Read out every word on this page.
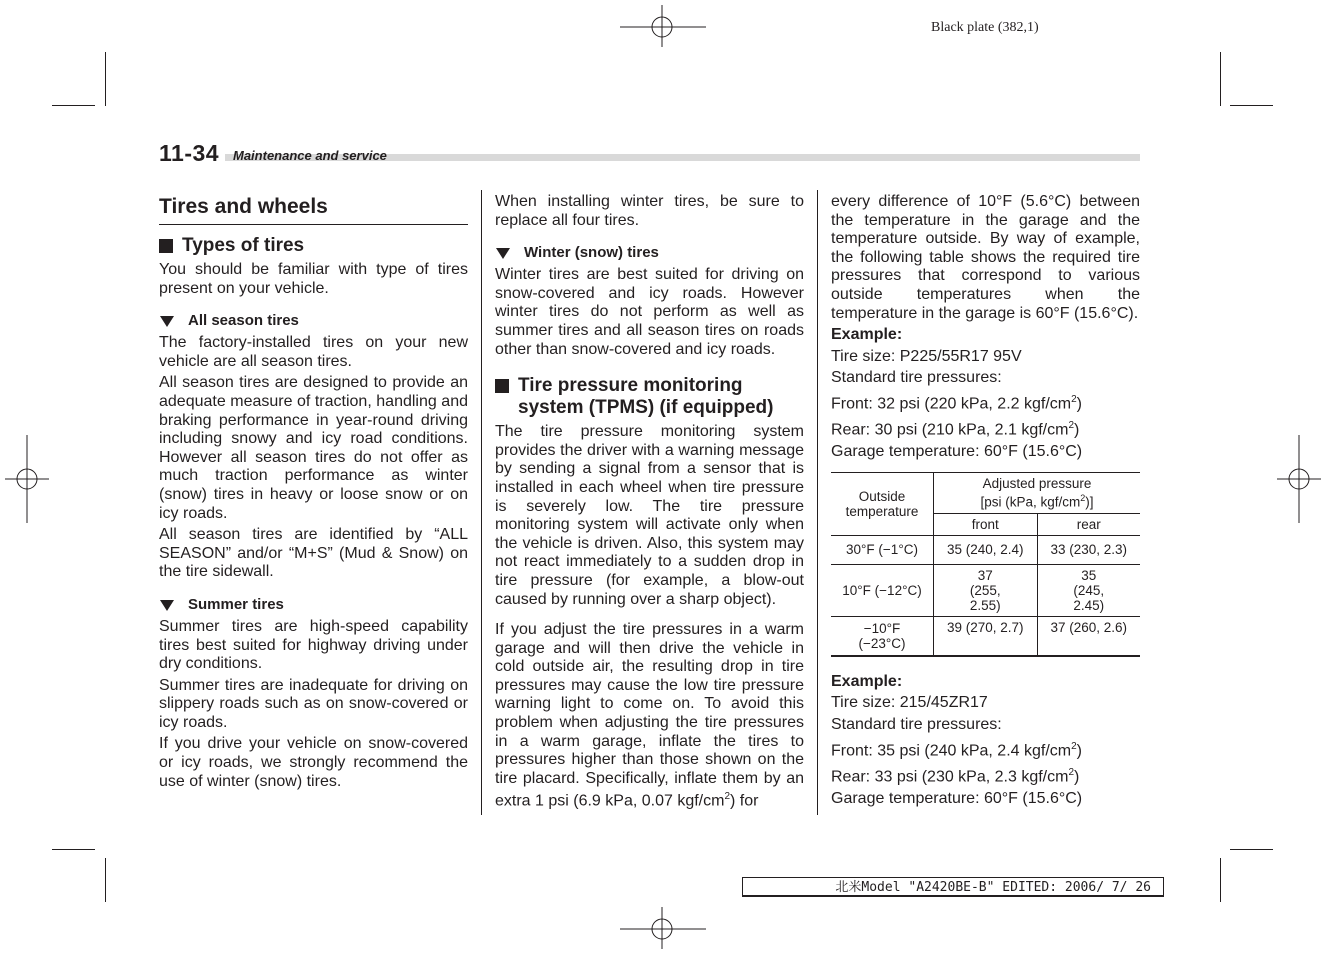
Black plate (382,1)
11-34 Maintenance and service
Tires and wheels
Types of tires

You should be familiar with type of tires present on your vehicle.

All season tires

The factory-installed tires on your new vehicle are all season tires.

All season tires are designed to provide an adequate measure of traction, handling and braking performance in year-round driving including snowy and icy road conditions. However all season tires do not offer as much traction performance as winter (snow) tires in heavy or loose snow or on icy roads.

All season tires are identified by “ALL SEASON” and/or “M+S” (Mud & Snow) on the tire sidewall.

Summer tires

Summer tires are high-speed capability tires best suited for highway driving under dry conditions.

Summer tires are inadequate for driving on slippery roads such as on snow-covered or icy roads.

If you drive your vehicle on snow-covered or icy roads, we strongly recommend the use of winter (snow) tires.

When installing winter tires, be sure to replace all four tires.

Winter (snow) tires

Winter tires are best suited for driving on snow-covered and icy roads. However winter tires do not perform as well as summer tires and all season tires on roads other than snow-covered and icy roads.

Tire pressure monitoring system (TPMS) (if equipped)

The tire pressure monitoring system provides the driver with a warning message by sending a signal from a sensor that is installed in each wheel when tire pressure is severely low. The tire pressure monitoring system will activate only when the vehicle is driven. Also, this system may not react immediately to a sudden drop in tire pressure (for example, a blow-out caused by running over a sharp object).

If you adjust the tire pressures in a warm garage and will then drive the vehicle in cold outside air, the resulting drop in tire pressures may cause the low tire pressure warning light to come on. To avoid this problem when adjusting the tire pressures in a warm garage, inflate the tires to pressures higher than those shown on the tire placard. Specifically, inflate them by an extra 1 psi (6.9 kPa, 0.07 kgf/$cm^2$) for

every difference of 10°F (5.6°C) between the temperature in the garage and the temperature outside. By way of example, the following table shows the required tire pressures that correspond to various outside temperatures when the temperature in the garage is 60°F (15.6°C).

Example:
Tire size: P225/55R17 95V
Standard tire pressures:
Front: 32 psi (220 kPa, 2.2 kgf/$cm^2$)
Rear: 30 psi (210 kPa, 2.1 kgf/$cm^2$)
Garage temperature: 60°F (15.6°C)
Outside temperature	Adjusted pressure
[psi (kPa, kgf/$cm^2$)]	

	front	rear
30°F (−1°C)	35 (240, 2.4)	33 (230, 2.3)
10°F (−12°C)	37 (255, 2.55)	35 (245, 2.45)
−10°F (−23°C)	39 (270, 2.7)	37 (260, 2.6)
Example:
Tire size: 215/45ZR17
Standard tire pressures:
Front: 35 psi (240 kPa, 2.4 kgf/$cm^2$)
Rear: 33 psi (230 kPa, 2.3 kgf/$cm^2$)
Garage temperature: 60°F (15.6°C)
北米Model "A2420BE-B" EDITED: 2006/ 7/ 26
